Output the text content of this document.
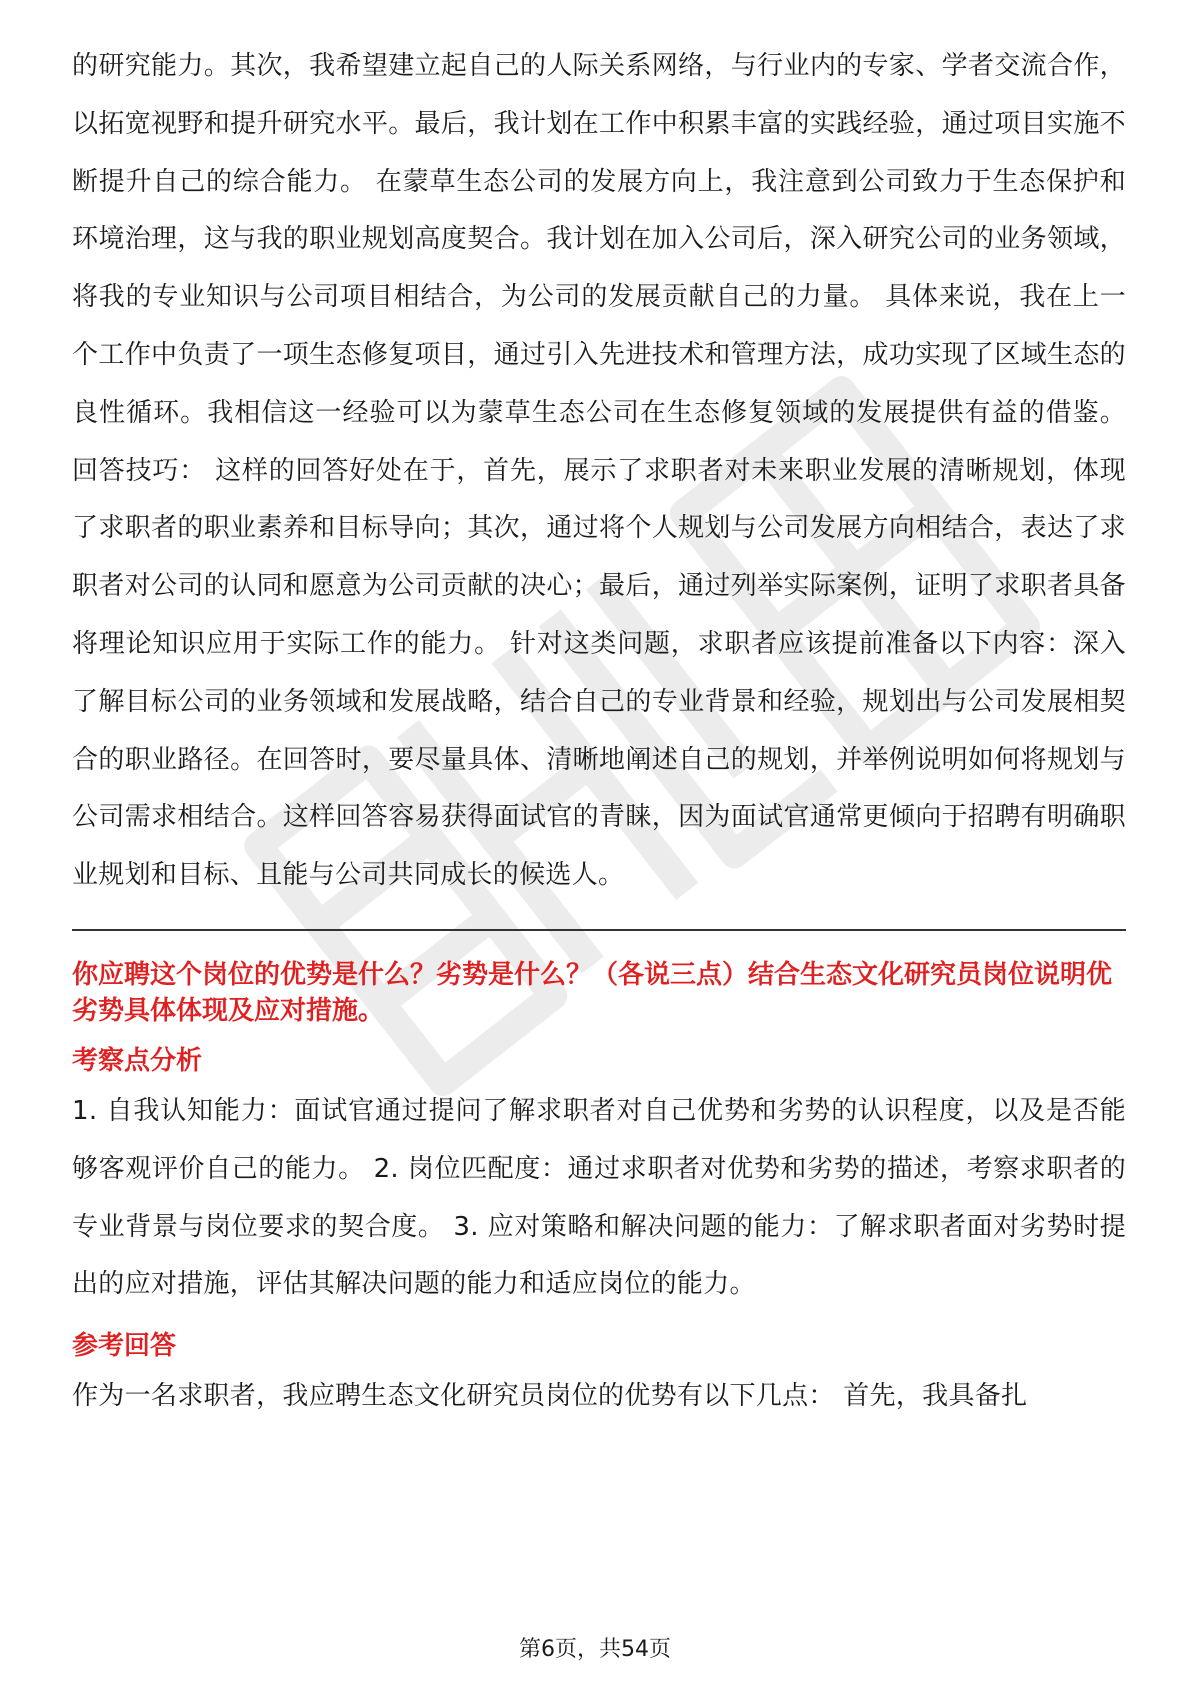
的研究能力。其次，我希望建立起自己的人际关系网络，与行业内的专家、学者交流合作，以拓宽视野和提升研究水平。最后，我计划在工作中积累丰富的实践经验，通过项目实施不断提升自己的综合能力。 在蒙草生态公司的发展方向上，我注意到公司致力于生态保护和环境治理，这与我的职业规划高度契合。我计划在加入公司后，深入研究公司的业务领域，将我的专业知识与公司项目相结合，为公司的发展贡献自己的力量。 具体来说，我在上一个工作中负责了一项生态修复项目，通过引入先进技术和管理方法，成功实现了区域生态的良性循环。我相信这一经验可以为蒙草生态公司在生态修复领域的发展提供有益的借鉴。 回答技巧： 这样的回答好处在于，首先，展示了求职者对未来职业发展的清晰规划，体现了求职者的职业素养和目标导向；其次，通过将个人规划与公司发展方向相结合，表达了求职者对公司的认同和愿意为公司贡献的决心；最后，通过列举实际案例，证明了求职者具备将理论知识应用于实际工作的能力。 针对这类问题，求职者应该提前准备以下内容：深入了解目标公司的业务领域和发展战略，结合自己的专业背景和经验，规划出与公司发展相契合的职业路径。在回答时，要尽量具体、清晰地阐述自己的规划，并举例说明如何将规划与公司需求相结合。这样回答容易获得面试官的青睐，因为面试官通常更倾向于招聘有明确职业规划和目标、且能与公司共同成长的候选人。

你应聘这个岗位的优势是什么？劣势是什么？（各说三点）结合生态文化研究员岗位说明优劣势具体体现及应对措施。

考察点分析

1. 自我认知能力：面试官通过提问了解求职者对自己优势和劣势的认识程度，以及是否能够客观评价自己的能力。 2. 岗位匹配度：通过求职者对优势和劣势的描述，考察求职者的专业背景与岗位要求的契合度。 3. 应对策略和解决问题的能力：了解求职者面对劣势时提出的应对措施，评估其解决问题的能力和适应岗位的能力。

参考回答

作为一名求职者，我应聘生态文化研究员岗位的优势有以下几点： 首先，我具备扎

第6页，共54页
